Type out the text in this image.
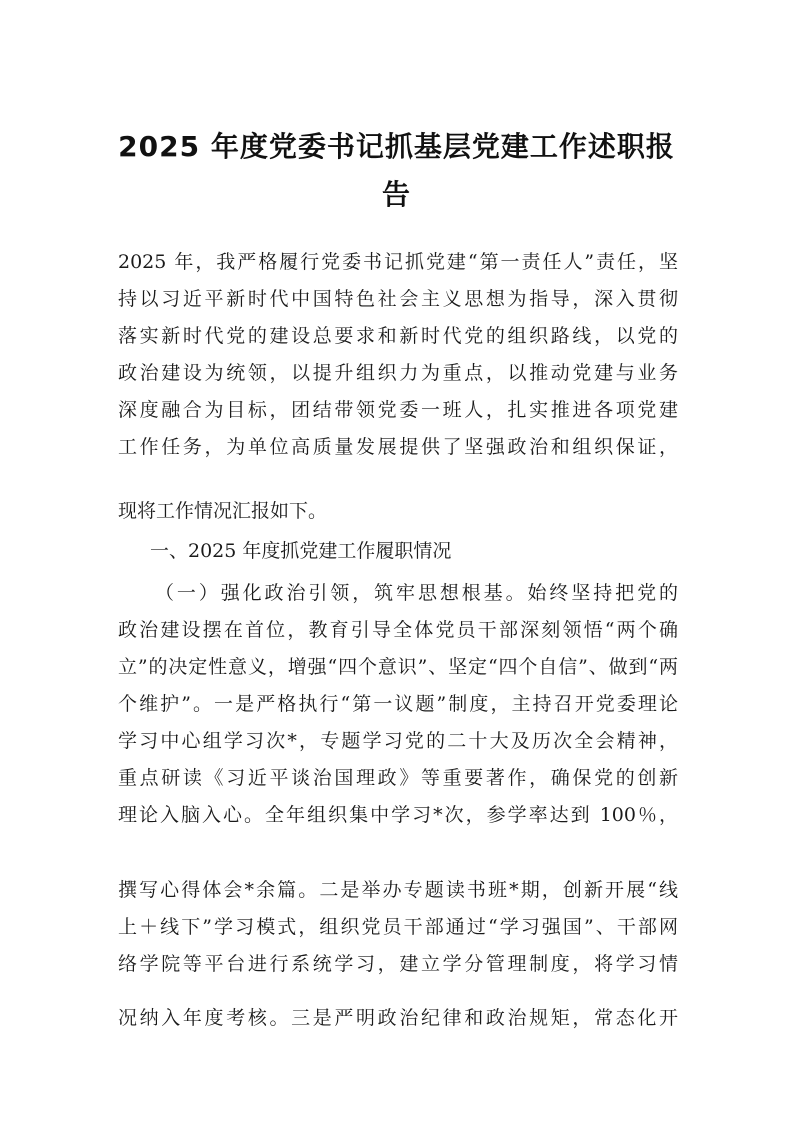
2025 年度党委书记抓基层党建工作述职报
告
2025 年，我严格履行党委书记抓党建“第一责任人”责任，坚
持以习近平新时代中国特色社会主义思想为指导，深入贯彻
落实新时代党的建设总要求和新时代党的组织路线，以党的
政治建设为统领，以提升组织力为重点，以推动党建与业务
深度融合为目标，团结带领党委一班人，扎实推进各项党建
工作任务，为单位高质量发展提供了坚强政治和组织保证，
现将工作情况汇报如下。
一、2025 年度抓党建工作履职情况
（一）强化政治引领，筑牢思想根基。始终坚持把党的
政治建设摆在首位，教育引导全体党员干部深刻领悟“两个确
立”的决定性意义，增强“四个意识”、坚定“四个自信”、做到“两
个维护”。一是严格执行“第一议题”制度，主持召开党委理论
学习中心组学习次*，专题学习党的二十大及历次全会精神，
重点研读《习近平谈治国理政》等重要著作，确保党的创新
理论入脑入心。全年组织集中学习*次，参学率达到 100％，
撰写心得体会*余篇。二是举办专题读书班*期，创新开展“线
上＋线下”学习模式，组织党员干部通过“学习强国”、干部网
络学院等平台进行系统学习，建立学分管理制度，将学习情
况纳入年度考核。三是严明政治纪律和政治规矩，常态化开
